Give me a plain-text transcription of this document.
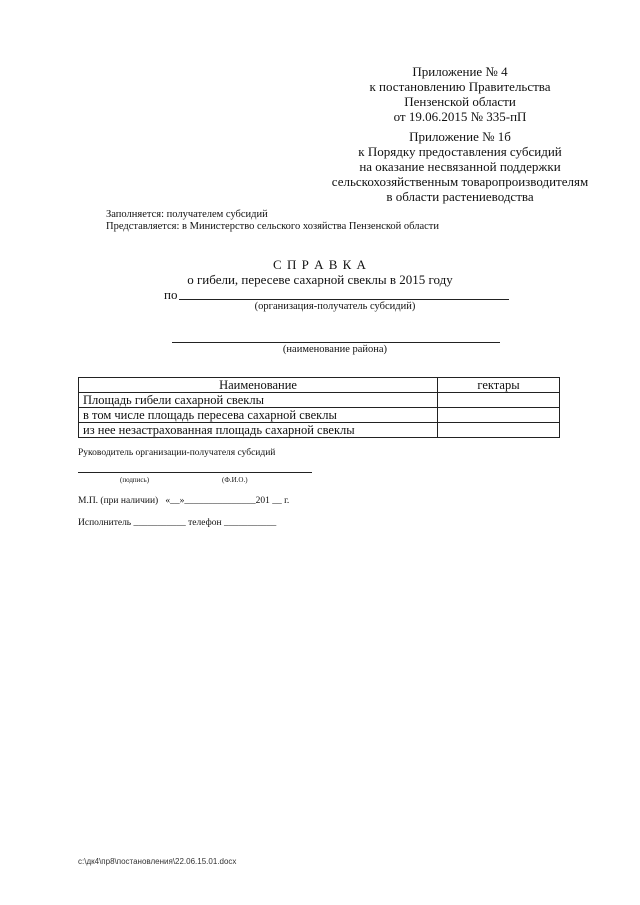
Приложение № 4
к постановлению Правительства
Пензенской области
от 19.06.2015 № 335-пП
Приложение № 1б
к Порядку предоставления субсидий
на оказание несвязанной поддержки
сельскохозяйственным товаропроизводителям
в области растениеводства
Заполняется: получателем субсидий
Представляется: в Министерство сельского хозяйства Пензенской области
С П Р А В К А
о гибели, пересеве сахарной свеклы в 2015 году
по
(организация-получатель субсидий)
(наименование района)
Наименование	гектары
Площадь гибели сахарной свеклы	
в том числе площадь пересева сахарной свеклы	
из нее незастрахованная площадь сахарной свеклы	
Руководитель организации-получателя субсидий
(подпись)	(Ф.И.О.)
М.П. (при наличии)   «__»_______________201 __ г.
Исполнитель ___________ телефон ___________
c:\дк4\пр8\постановления\22.06.15.01.docx
